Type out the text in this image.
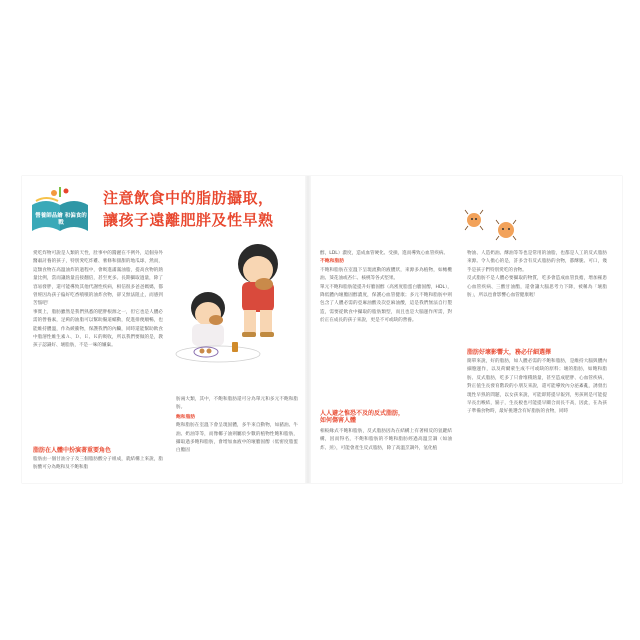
營養師品繪 和偏食的戰
注意飲食中的脂肪攝取，
讓孩子遠離肥胖及性早熟

愛吃炸物可說是人類的天性，肚事中的醬麗在不例外，這個身外醫肅討養的孩子，特別愛吃炸雞、薯條和甜甜的地瓜球，然而，這類食物在高溫油炸的過程中，會吸進滿滿油脂，提高食物的熱量比例，當而讓熱量直接翻倍，甚至更多。長期攝取過量，除了容易發胖，還可能導致其他代謝性疾病，相信很多爸爸媽媽，都曾經因為孩子偏好吃香噴噴的油炸食物，卻又無法阻止，而感到苦惱吧！

事實上，脂肪雖然是我們熟悉的肥胖根源之一，但它也是人體必需的營養素，足夠的油脂可以幫助腸道蠕動，促進排便順暢，也能維持體溫，作為緩衝物，保護我們的內臟，同時還能幫助飲食中脂溶性維生素Ａ、Ｄ、Ｅ、Ｋ的吸收，所以我們要做的是，教孩子認識好、壞脂肪，不是一味的嫌棄。

脂肪在人體中扮演著重要角色

脂肪由一個甘油分子及三個脂肪酸分子組成，就結構上來說，脂肪酸可分為飽和及不飽和脂

肪兩大類，其中，不飽和脂肪還可分為單元和多元不飽和脂肪。

飽和脂肪

飽和脂肪在室溫下會呈現固體，多半來自動物，如豬油、牛油、奶油等等，而像椰子油則屬於少數的植物性飽和脂肪，攝取過多飽和脂肪，會增加血液中的壞膽固醇（低密度脂蛋白膽固

醇，LDL）濃度，造成血管硬化、受損，進而導致心血管疾病。

不飽和脂肪

不飽和脂肪在室溫下呈現流動的液體狀，來源多為植物，如橄欖油、葵花油或杏仁、核桃等各式堅果。

單元不飽和脂肪能提升好膽固醇（高密度脂蛋白膽固醇，HDL），降低體內壞膽固醇濃度，保護心血管健康；多元不飽和脂肪中則包含了人體必需的亞麻油酸及次亞麻油酸，這是我們無法自行製造，需要從飲食中攝取的脂肪類型，而且也是大腦運作所需，對於正在成長的孩子來說，更是不可或缺的營養。

人人避之惟恐不及的反式脂肪，
如何傷害人體

相較緣式不飽和脂肪，反式脂肪因為在結構上有著相反的氫鍵結構，因而得名，不飽和脂肪的不飽和脂肪經過高溫烹調（如油炸、煎），可能會產生反式脂肪，除了高溫烹調外，氫化植

物油、人造奶油、酥油等等也是常用的油脂，也都是人工的反式脂肪來源。令人擔心的是，許多含有反式脂肪的食物，都酥脆、可口，幾乎是孩子們特別愛吃的食物。

反式脂肪不是人體必要攝取的物質，吃多會造成血管負擔，增加罹患心血管疾病、三酸甘油酯，還會讓大腦思考力下降，被稱為「壞脂肪」，所以也會影響心血管健康喔！

脂肪好壞影響大，務必仔細選擇

簡單來說，好的脂肪，如人體必需的不飽和脂肪，是維持大腦與體內細胞運作，以及荷爾蒙生成不可或缺的原料；壞的脂肪，如飽和脂肪、反式脂肪，吃多了只會堆積熱量，甚至造成肥胖、心血管疾病，對正值生長發育階段的小朋友來說，還可能導致內分泌紊亂，誘發出現性早熟的問題，以女孩來說，可能即將提早報到，男孩則是可能提早長出喉結，鬍子，生長板也可能提早關合而長不高，因此，在為孩子準備食物時，最好挑選含有好脂肪的食物，同時
